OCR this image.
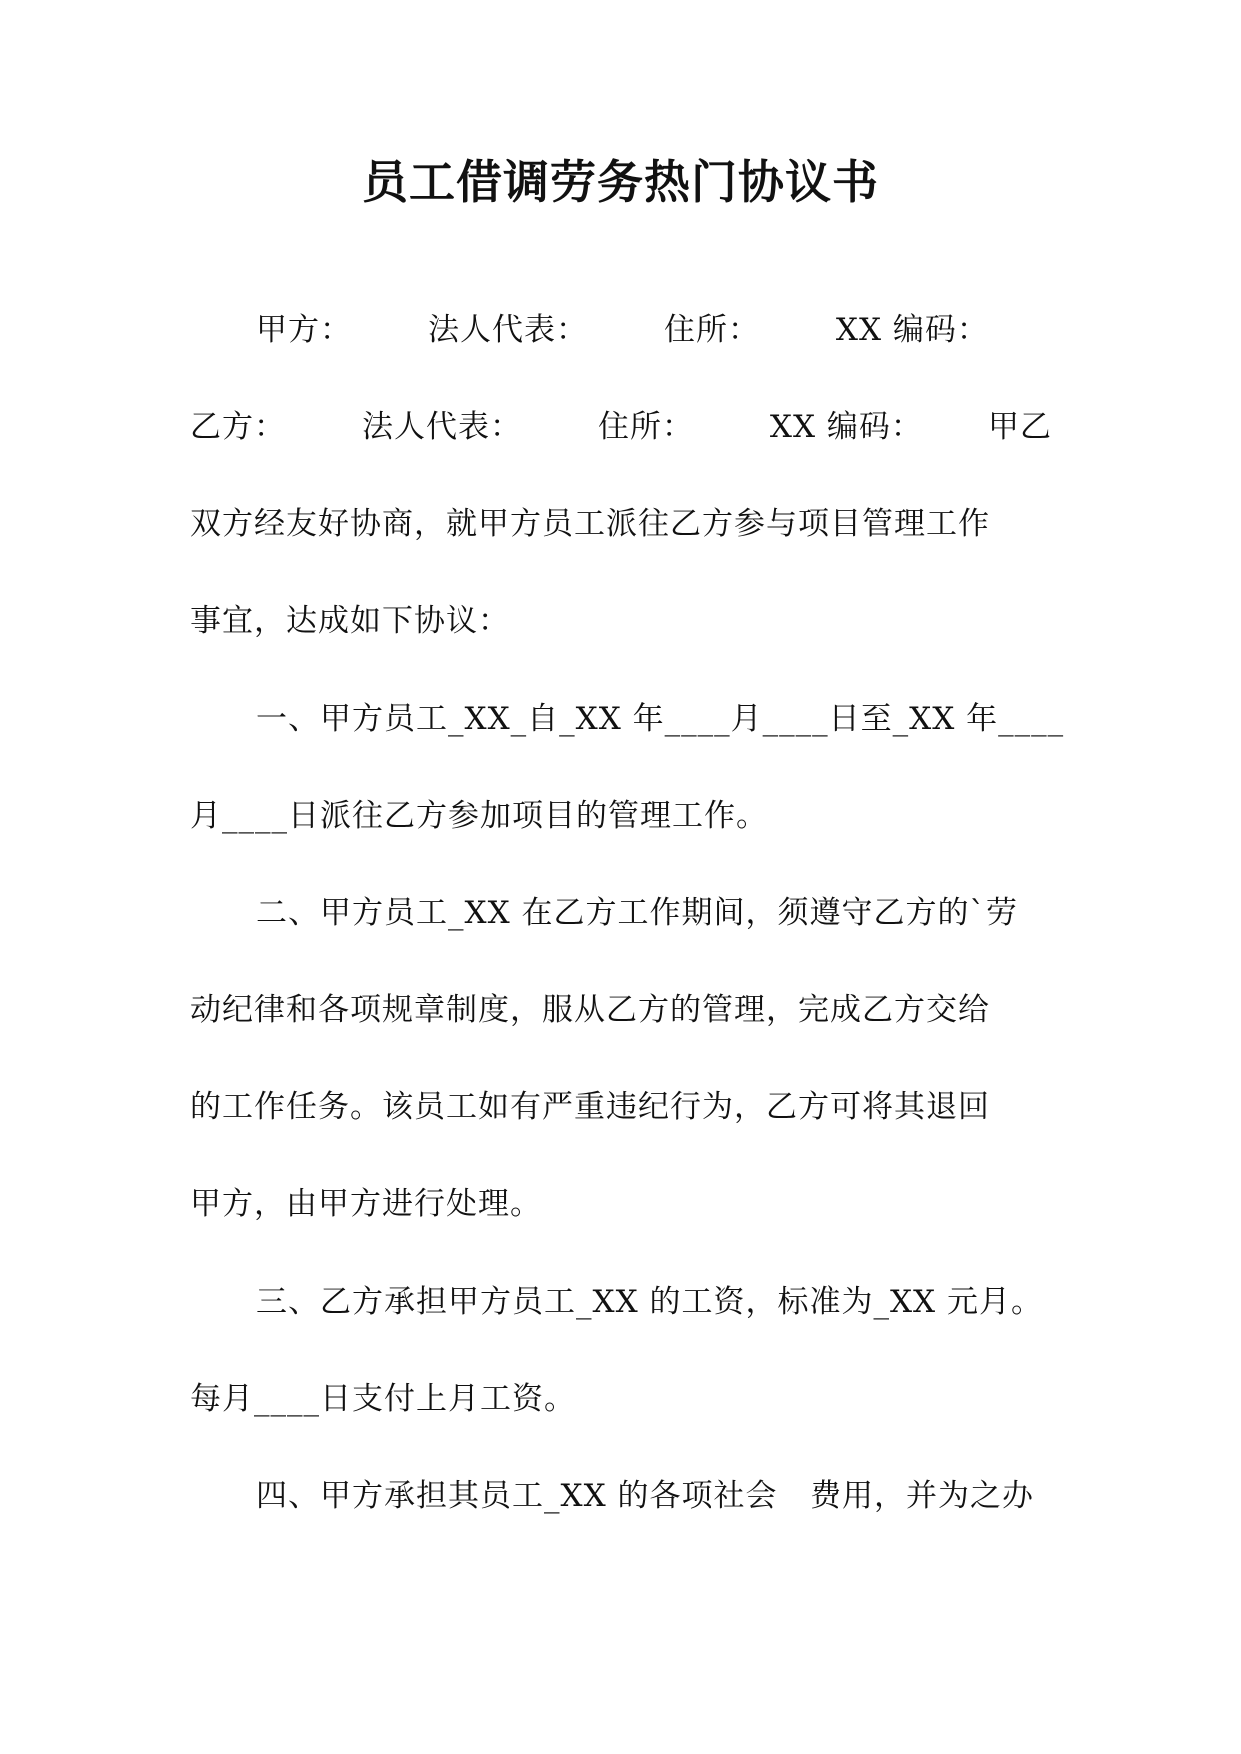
员工借调劳务热门协议书
甲方：       法人代表：       住所：       XX 编码：
乙方：       法人代表：       住所：       XX 编码：      甲乙
双方经友好协商，就甲方员工派往乙方参与项目管理工作
事宜，达成如下协议：
一、甲方员工_XX_自_XX 年____月____日至_XX 年____
月____日派往乙方参加项目的管理工作。
二、甲方员工_XX 在乙方工作期间，须遵守乙方的`劳
动纪律和各项规章制度，服从乙方的管理，完成乙方交给
的工作任务。该员工如有严重违纪行为，乙方可将其退回
甲方，由甲方进行处理。
三、乙方承担甲方员工_XX 的工资，标准为_XX 元月。
每月____日支付上月工资。
四、甲方承担其员工_XX 的各项社会   费用，并为之办
